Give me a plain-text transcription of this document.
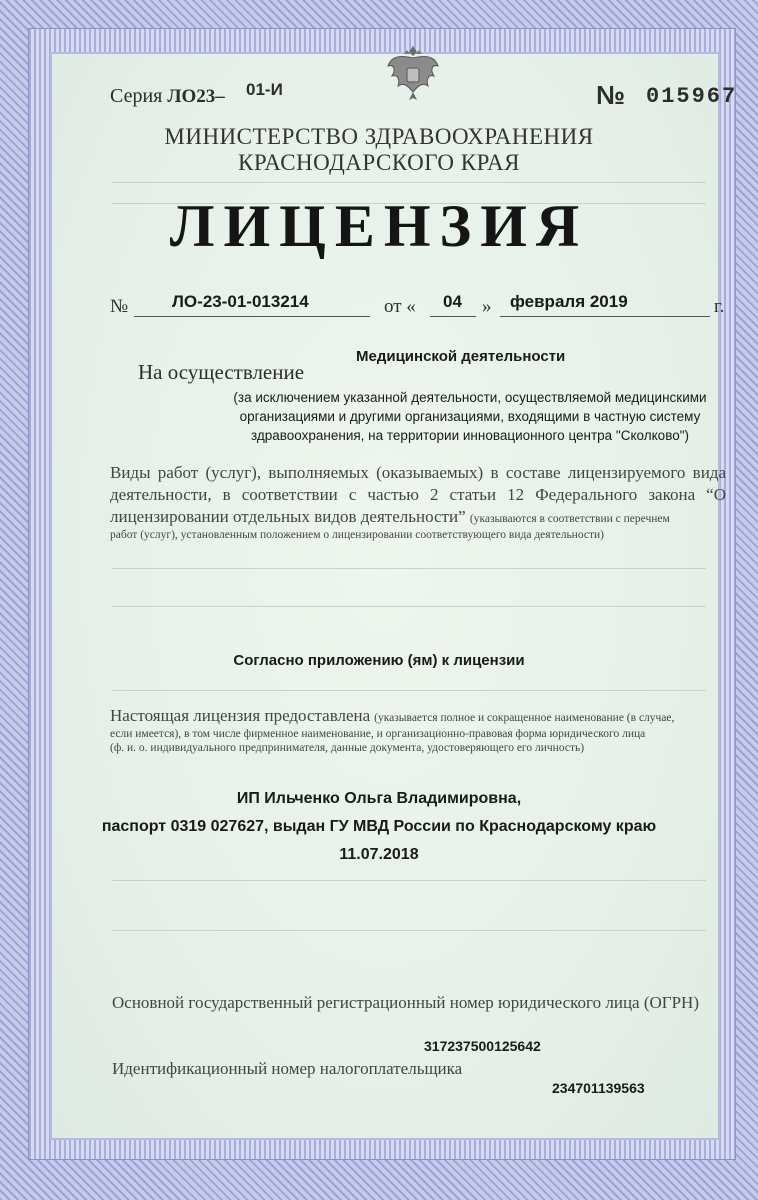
Серия ЛО23– 01-И	№ 015967
МИНИСТЕРСТВО ЗДРАВООХРАНЕНИЯ
КРАСНОДАРСКОГО КРАЯ
ЛИЦЕНЗИЯ
№	ЛО-23-01-013214	от « 04 » февраля 2019	г.
На осуществление
Медицинской деятельности
(за исключением указанной деятельности, осуществляемой медицинскими
организациями и другими организациями, входящими в частную систему
здравоохранения, на территории инновационного центра "Сколково")
Виды работ (услуг), выполняемых (оказываемых) в составе лицензируемого вида
деятельности, в соответствии с частью 2 статьи 12 Федерального закона “О
лицензировании отдельных видов деятельности” (указываются в соответствии с перечнем
работ (услуг), установленным положением о лицензировании соответствующего вида деятельности)
Согласно приложению (ям) к лицензии
Настоящая лицензия предоставлена (указывается полное и сокращенное наименование (в случае,
если имеется), в том числе фирменное наименование, и организационно-правовая форма юридического лица
(ф. и. о. индивидуального предпринимателя, данные документа, удостоверяющего его личность)
ИП Ильченко Ольга Владимировна,
паспорт 0319 027627, выдан ГУ МВД России по Краснодарскому краю
11.07.2018
Основной государственный регистрационный номер юридического лица (ОГРН)
317237500125642
Идентификационный номер налогоплательщика
234701139563
